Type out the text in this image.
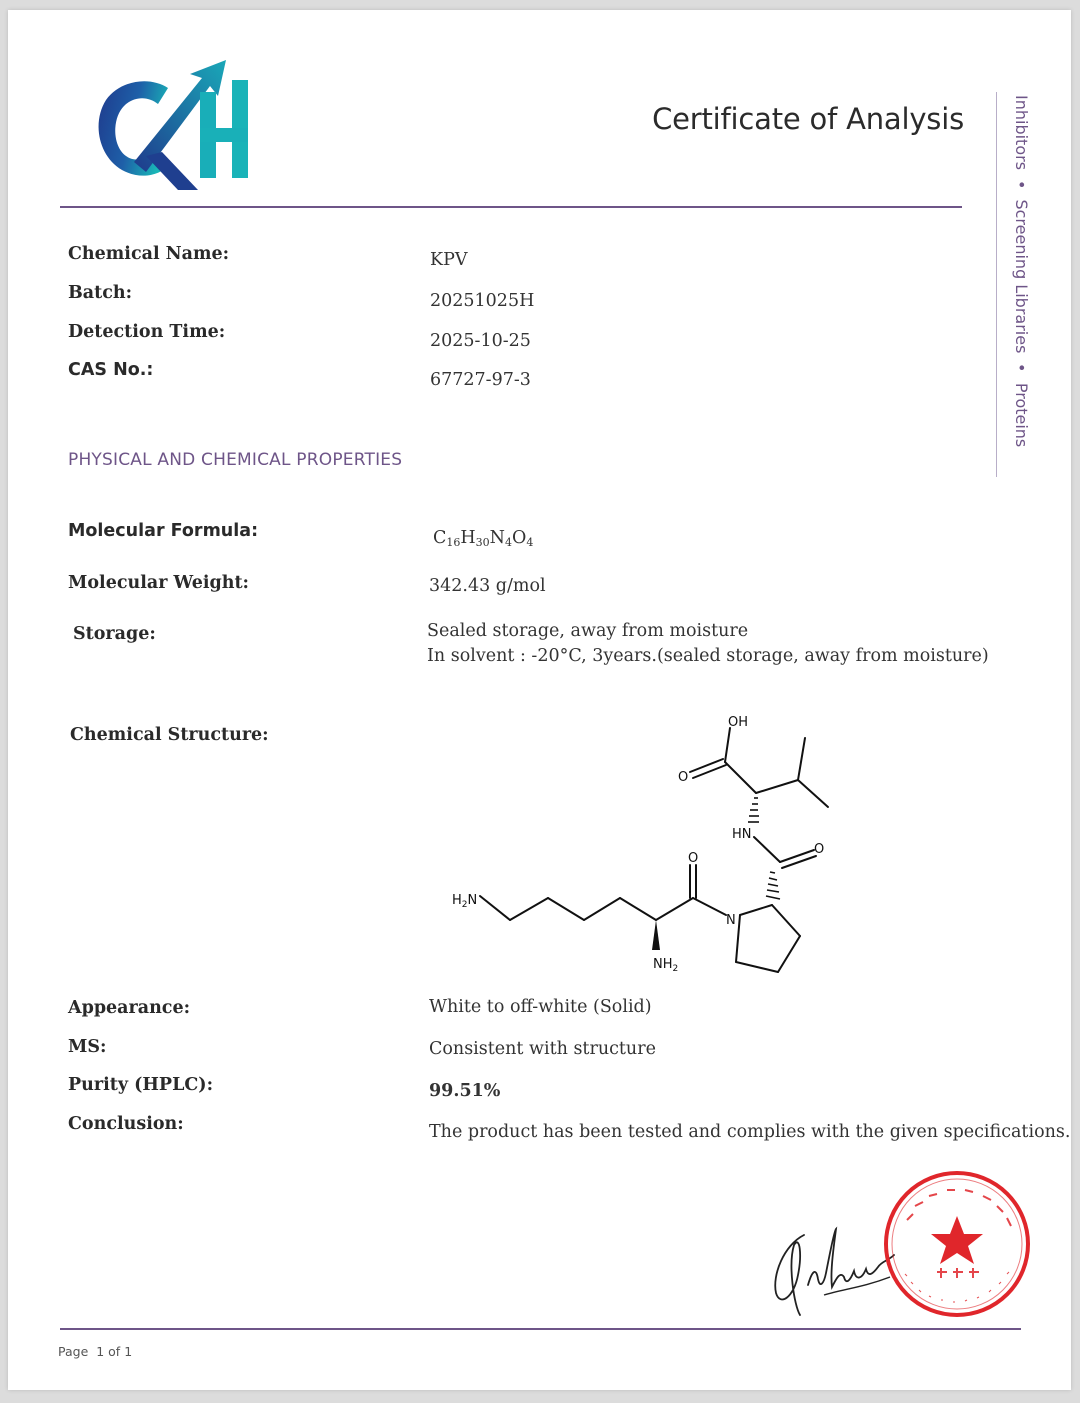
Certificate of Analysis	Inhibitors•Screening Libraries•Proteins
Chemical Name:	KPV
Batch:	20251025H
Detection Time:	2025-10-25
CAS No.:	67727-97-3
PHYSICAL AND CHEMICAL PROPERTIES
Molecular Formula:	$C_{16}H_{30}N_4O_4$
Molecular Weight:	342.43 g/mol
Storage:	Sealed storage, away from moisture
In solvent : -20°C, 3years.(sealed storage, away from moisture)
Chemical Structure:
OH
O
HN
O
O
$H_2N$
$NH_2$
N
Appearance:	White to off-white (Solid)
MS:	Consistent with structure
Purity (HPLC):	99.51%
Conclusion:	The product has been tested and complies with the given specifications.
Page 1 of 1
